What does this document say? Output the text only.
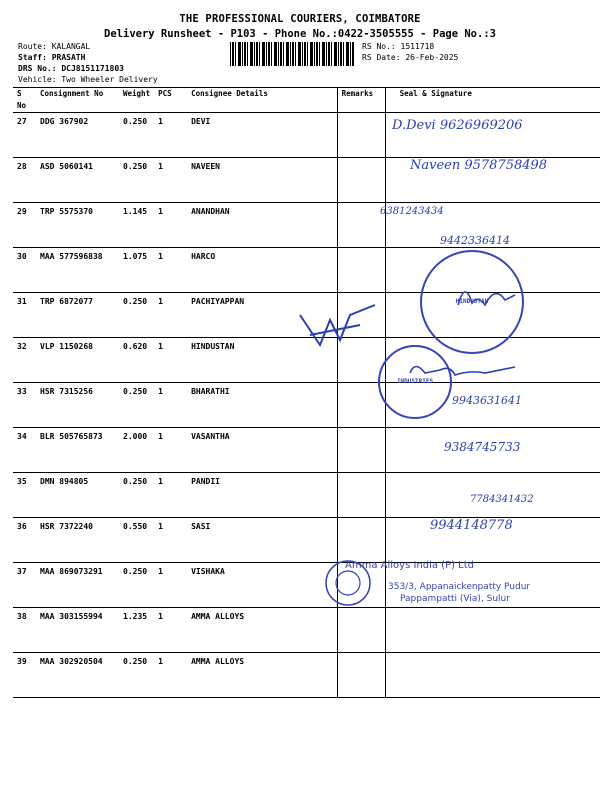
THE PROFESSIONAL COURIERS, COIMBATORE
Delivery Runsheet - P103 - Phone No.:0422-3505555 - Page No.:3
Route: KALANGAL
Staff: PRASATH
DRS No.: DCJ8151171803
Vehicle: Two Wheeler Delivery
RS No.: 1511718
RS Date: 26-Feb-2025
S No	Consignment No	Weight	PCS	Consignee Details	Remarks	Seal & Signature
27	DDG 367902	0.250	1	DEVI		
28	ASD 5060141	0.250	1	NAVEEN		
29	TRP 5575370	1.145	1	ANANDHAN		
30	MAA 577596838	1.075	1	HARCO		
31	TRP 6872077	0.250	1	PACHIYAPPAN		
32	VLP 1150268	0.620	1	HINDUSTAN		
33	HSR 7315256	0.250	1	BHARATHI		
34	BLR 505765873	2.000	1	VASANTHA		
35	DMN 894805	0.250	1	PANDII		
36	HSR 7372240	0.550	1	SASI		
37	MAA 869073291	0.250	1	VISHAKA		
38	MAA 303155994	1.235	1	AMMA ALLOYS		
39	MAA 302920504	0.250	1	AMMA ALLOYS		
D.Devi 9626969206
Naveen 9578758498
6381243434
9442336414
9943631641
9384745733
7784341432
9944148778
HINDUSTAN
INDUSTRIES
Amma Alloys India (P) Ltd
353/3, Appanaickenpatty Pudur
Pappampatti (Via), Sulur
